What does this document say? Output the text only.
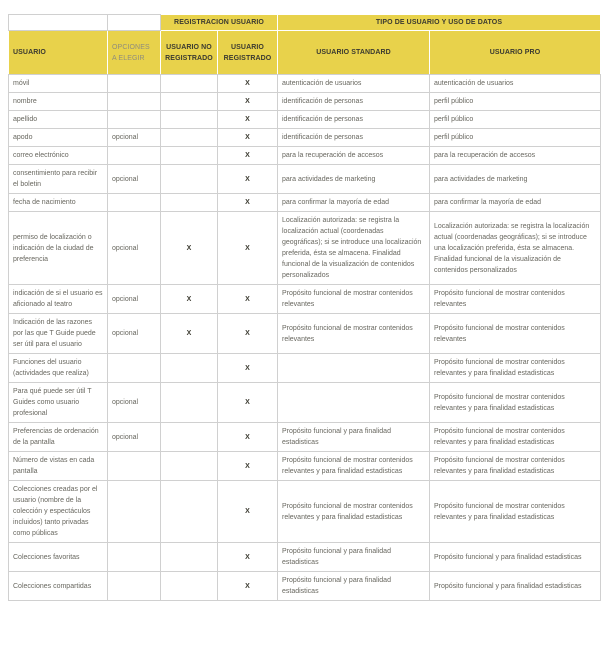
		REGISTRACION USUARIO		TIPO DE USUARIO Y USO DE DATOS	
USUARIO	OPCIONES A ELEGIR	USUARIO NO REGISTRADO	USUARIO REGISTRADO	USUARIO STANDARD	USUARIO PRO
móvil			X	autenticación de usuarios	autenticación de usuarios
nombre			X	identificación de personas	perfil público
apellido			X	identificación de personas	perfil público
apodo	opcional		X	identificación de personas	perfil público
correo electrónico			X	para la recuperación de accesos	para la recuperación de accesos
consentimiento para recibir el boletin	opcional		X	para actividades de marketing	para actividades de marketing
fecha de nacimiento			X	para confirmar la mayoría de edad	para confirmar la mayoría de edad
permiso de localización o indicación de la ciudad de preferencia	opcional	X	X	Localización autorizada: se registra la localización actual (coordenadas geográficas); si se introduce una localización preferida, ésta se almacena. Finalidad funcional de la visualización de contenidos personalizados	Localización autorizada: se registra la localización actual (coordenadas geográficas); si se introduce una localización preferida, ésta se almacena. Finalidad funcional de la visualización de contenidos personalizados
indicación de si el usuario es aficionado al teatro	opcional	X	X	Propósito funcional de mostrar contenidos relevantes	Propósito funcional de mostrar contenidos relevantes
Indicación de las razones por las que T Guide puede ser útil para el usuario	opcional	X	X	Propósito funcional de mostrar contenidos relevantes	Propósito funcional de mostrar contenidos relevantes
Funciones del usuario (actividades que realiza)			X		Propósito funcional de mostrar contenidos relevantes y para finalidad estadisticas
Para qué puede ser útil T Guides como usuario profesional	opcional		X		Propósito funcional de mostrar contenidos relevantes y para finalidad estadisticas
Preferencias de ordenación de la pantalla	opcional		X	Propósito funcional y para finalidad estadisticas	Propósito funcional de mostrar contenidos relevantes y para finalidad estadisticas
Número de vistas en cada pantalla			X	Propósito funcional de mostrar contenidos relevantes y para finalidad estadisticas	Propósito funcional de mostrar contenidos relevantes y para finalidad estadisticas
Colecciones creadas por el usuario (nombre de la colección y espectáculos incluidos) tanto privadas como públicas			X	Propósito funcional de mostrar contenidos relevantes y para finalidad estadisticas	Propósito funcional de mostrar contenidos relevantes y para finalidad estadisticas
Colecciones favoritas			X	Propósito funcional y para finalidad estadisticas	Propósito funcional y para finalidad estadisticas
Colecciones compartidas			X	Propósito funcional y para finalidad estadisticas	Propósito funcional y para finalidad estadisticas
